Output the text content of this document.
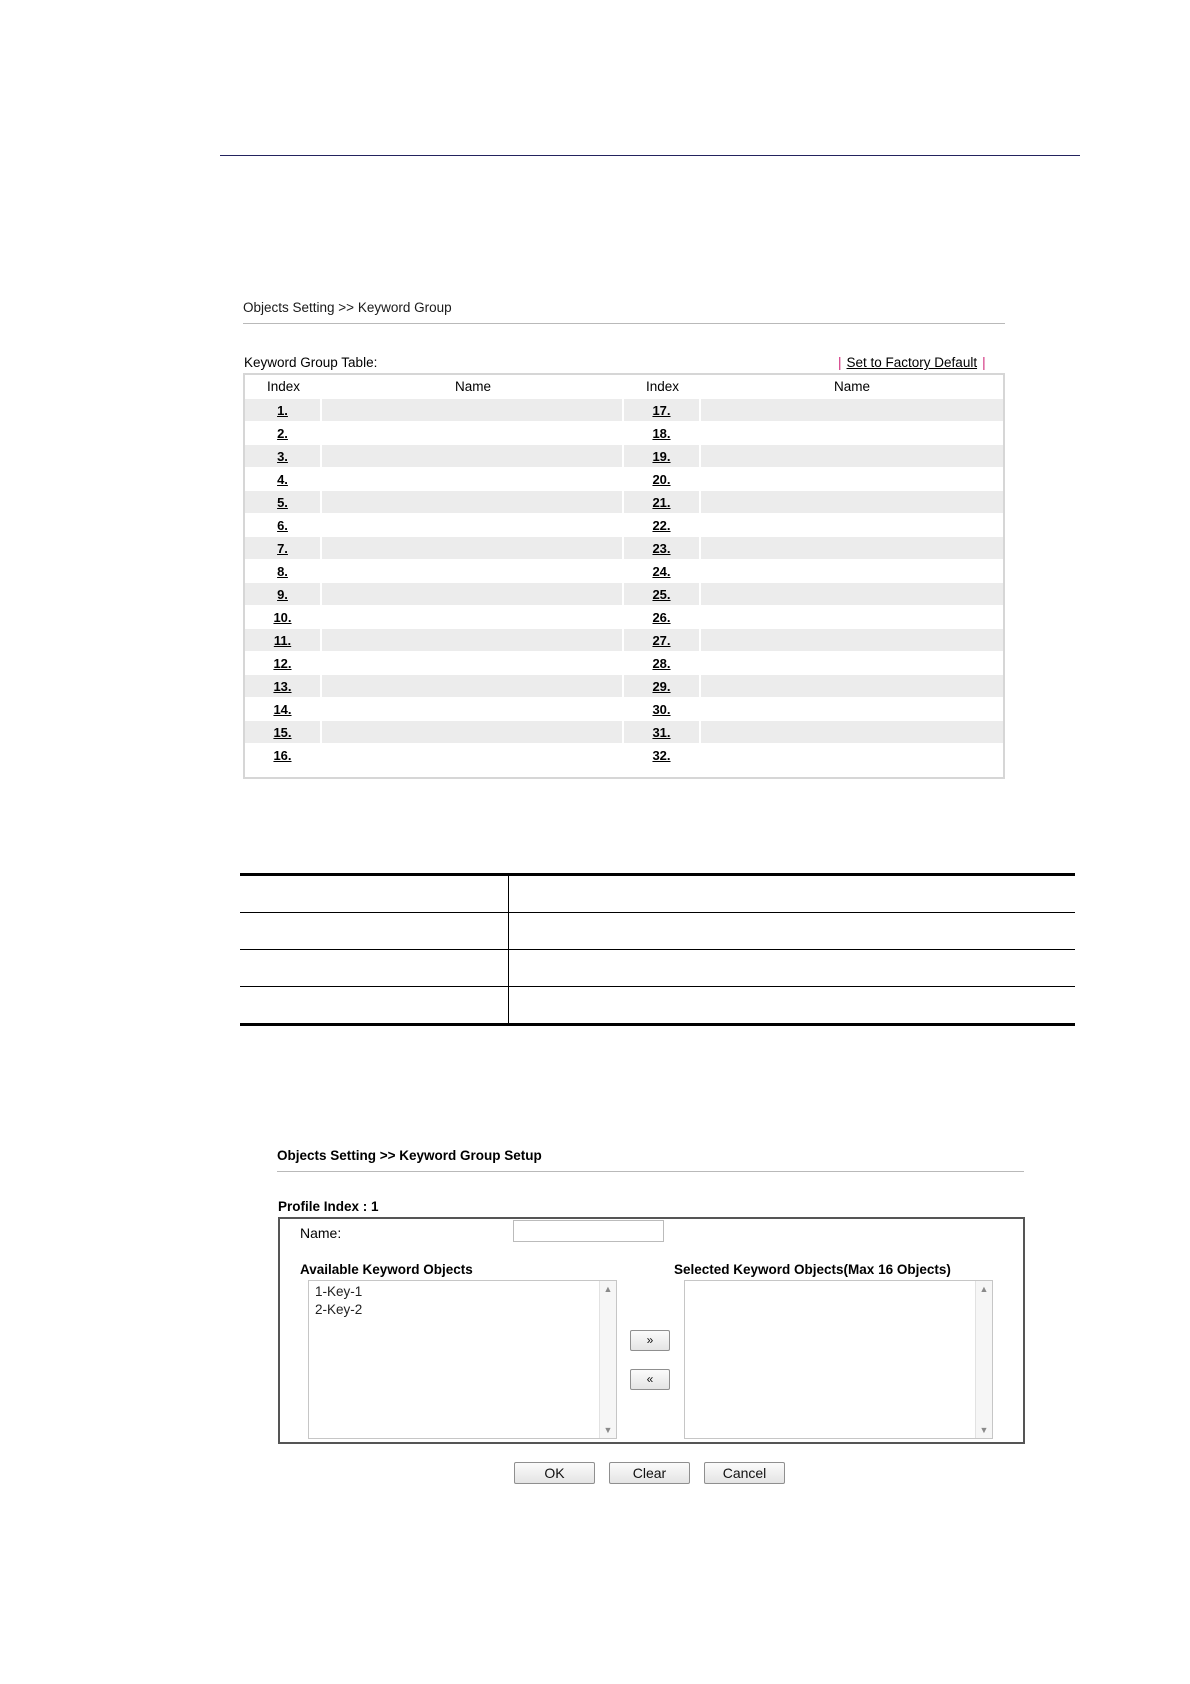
Objects Setting >> Keyword Group
Keyword Group Table:	| Set to Factory Default |
Index	Name	Index	Name
1.		17.	
2.		18.	
3.		19.	
4.		20.	
5.		21.	
6.		22.	
7.		23.	
8.		24.	
9.		25.	
10.		26.	
11.		27.	
12.		28.	
13.		29.	
14.		30.	
15.		31.	
16.		32.	
Objects Setting >> Keyword Group Setup
Profile Index : 1
Name:
Available Keyword Objects	Selected Keyword Objects(Max 16 Objects)
1-Key-1
2-Key-2
▲
▼
»
«
▲
▼
OK	Clear	Cancel
